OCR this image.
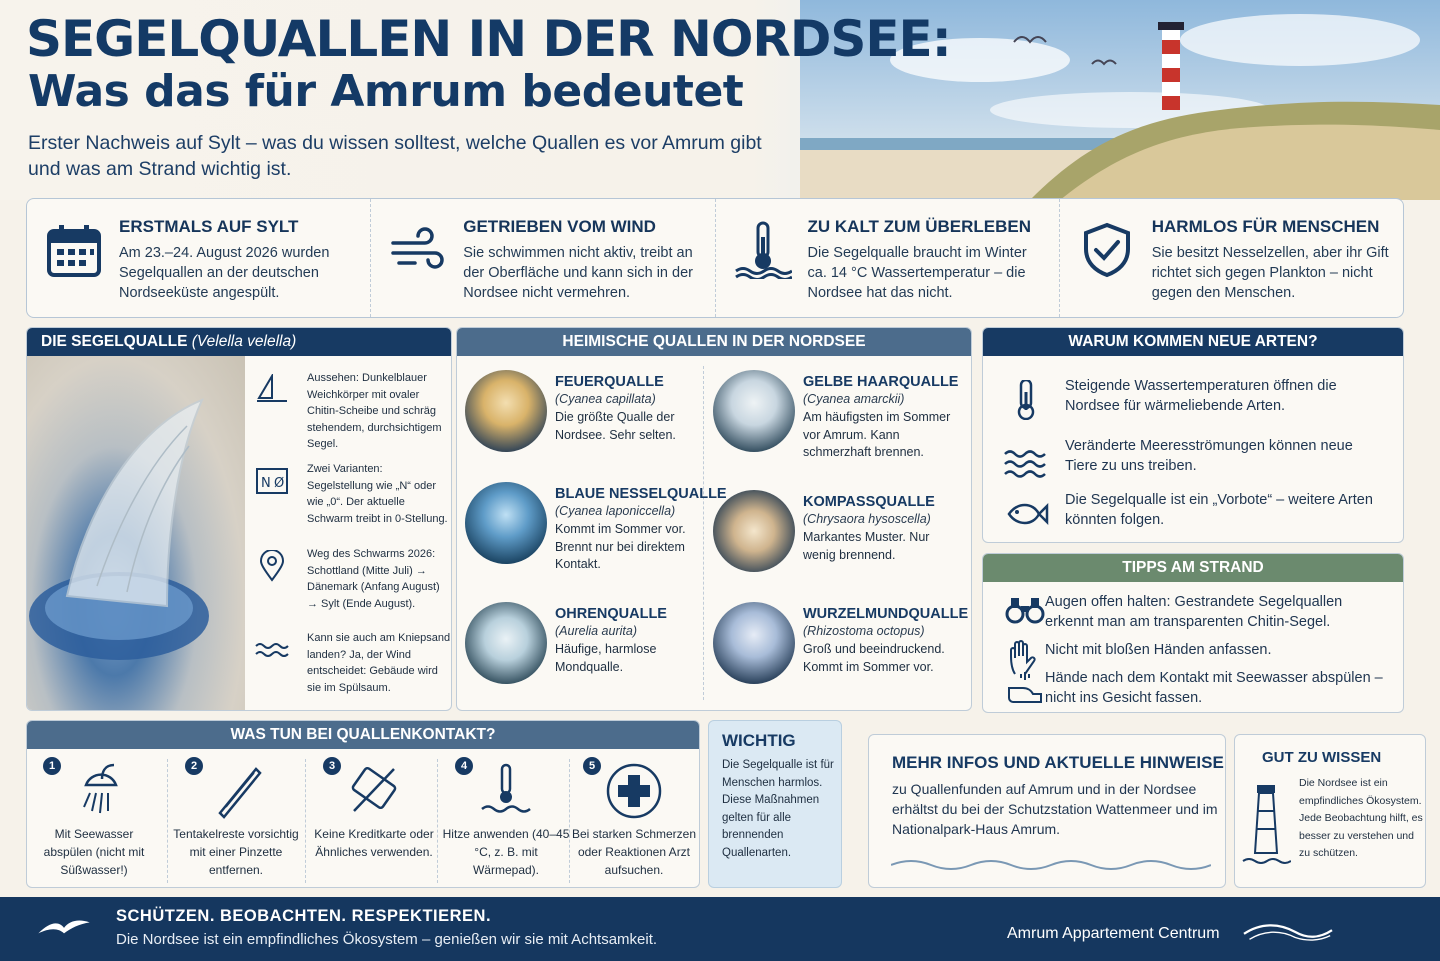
SEGELQUALLEN IN DER NORDSEE:
Was das für Amrum bedeutet
Erster Nachweis auf Sylt – was du wissen solltest, welche Quallen es vor Amrum gibt und was am Strand wichtig ist.
ERSTMALS AUF SYLT

Am 23.–24. August 2026 wurden Segelquallen an der deutschen Nordseeküste angespült.

GETRIEBEN VOM WIND

Sie schwimmen nicht aktiv, treibt an der Oberfläche und kann sich in der Nordsee nicht vermehren.

ZU KALT ZUM ÜBERLEBEN

Die Segelqualle braucht im Winter ca. 14 °C Wassertemperatur – die Nordsee hat das nicht.

HARMLOS FÜR MENSCHEN

Sie besitzt Nesselzellen, aber ihr Gift richtet sich gegen Plankton – nicht gegen den Menschen.

DIE SEGELQUALLE (Velella velella)
Aussehen: Dunkelblauer Weichkörper mit ovaler Chitin-Scheibe und schräg stehendem, durchsichtigem Segel.
N Ø
Zwei Varianten: Segelstellung wie „N“ oder wie „0“. Der aktuelle Schwarm treibt in 0-Stellung.
Weg des Schwarms 2026: Schottland (Mitte Juli) → Dänemark (Anfang August) → Sylt (Ende August).
Kann sie auch am Kniepsand landen? Ja, der Wind entscheidet: Gebäude wird sie im Spülsaum.
HEIMISCHE QUALLEN IN DER NORDSEE
FEUERQUALLE
(Cyanea capillata)

Die größte Qualle der Nordsee. Sehr selten.

GELBE HAARQUALLE
(Cyanea amarckii)

Am häufigsten im Sommer vor Amrum. Kann schmerzhaft brennen.

BLAUE NESSELQUALLE
(Cyanea laponiccella)

Kommt im Sommer vor. Brennt nur bei direktem Kontakt.

KOMPASSQUALLE
(Chrysaora hysoscella)

Markantes Muster. Nur wenig brennend.

OHRENQUALLE
(Aurelia aurita)

Häufige, harmlose Mondqualle.

WURZELMUNDQUALLE
(Rhizostoma octopus)

Groß und beeindruckend. Kommt im Sommer vor.

WARUM KOMMEN NEUE ARTEN?

Steigende Wassertemperaturen öffnen die Nordsee für wärmeliebende Arten.

Veränderte Meeresströmungen können neue Tiere zu uns treiben.

Die Segelqualle ist ein „Vorbote“ – weitere Arten könnten folgen.

TIPPS AM STRAND

Augen offen halten: Gestrandete Segelquallen erkennt man am transparenten Chitin-Segel.

Nicht mit bloßen Händen anfassen.

Hände nach dem Kontakt mit Seewasser abspülen – nicht ins Gesicht fassen.

WAS TUN BEI QUALLENKONTAKT?
1

Mit Seewasser abspülen (nicht mit Süßwasser!)

2

Tentakelreste vorsichtig mit einer Pinzette entfernen.

3

Keine Kreditkarte oder Ähnliches verwenden.

4

Hitze anwenden (40–45 °C, z. B. mit Wärmepad).

5

Bei starken Schmerzen oder Reaktionen Arzt aufsuchen.

WICHTIG
Die Segelqualle ist für Menschen harmlos. Diese Maßnahmen gelten für alle brennenden Quallenarten.
MEHR INFOS UND AKTUELLE HINWEISE
zu Quallenfunden auf Amrum und in der Nordsee erhältst du bei der Schutzstation Wattenmeer und im Nationalpark-Haus Amrum.
GUT ZU WISSEN
Die Nordsee ist ein empfindliches Ökosystem. Jede Beobachtung hilft, es besser zu verstehen und zu schützen.
SCHÜTZEN. BEOBACHTEN. RESPEKTIEREN.
Die Nordsee ist ein empfindliches Ökosystem – genießen wir sie mit Achtsamkeit.	Amrum Appartement Centrum
